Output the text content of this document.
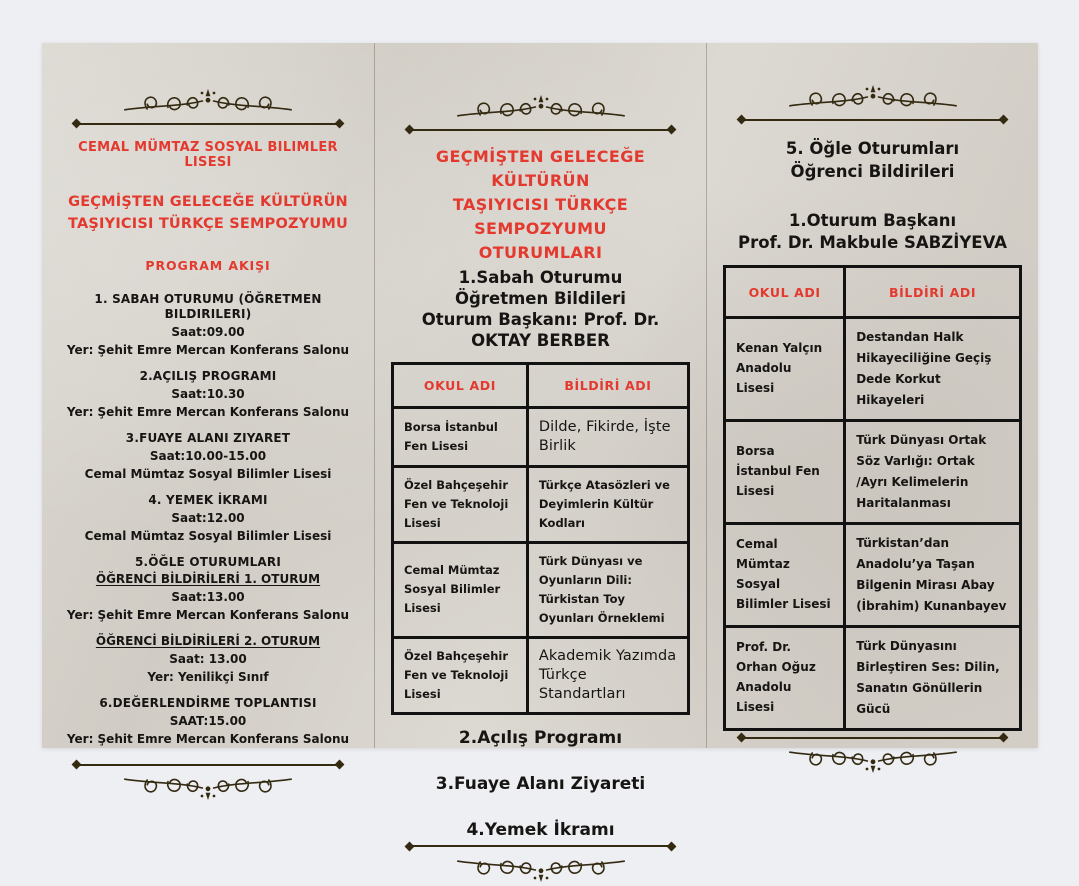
CEMAL MÜMTAZ SOSYAL BILIMLER LISESI
GEÇMİŞTEN GELECEĞE KÜLTÜRÜN
TAŞIYICISI TÜRKÇE SEMPOZYUMU
PROGRAM AKIŞI
1. SABAH OTURUMU (ÖĞRETMEN BILDIRILERI)
Saat:09.00
Yer: Şehit Emre Mercan Konferans Salonu
2.AÇILIŞ PROGRAMI
Saat:10.30
Yer: Şehit Emre Mercan Konferans Salonu
3.FUAYE ALANI ZIYARET
Saat:10.00-15.00
Cemal Mümtaz Sosyal Bilimler Lisesi
4. YEMEK İKRAMI
Saat:12.00
Cemal Mümtaz Sosyal Bilimler Lisesi
5.ÖĞLE OTURUMLARI
ÖĞRENCİ BİLDİRİLERİ 1. OTURUM
Saat:13.00
Yer: Şehit Emre Mercan Konferans Salonu
ÖĞRENCİ BİLDİRİLERİ 2. OTURUM
Saat: 13.00
Yer: Yenilikçi Sınıf
6.DEĞERLENDİRME TOPLANTISI
SAAT:15.00
Yer: Şehit Emre Mercan Konferans Salonu
GEÇMİŞTEN GELECEĞE KÜLTÜRÜN
TAŞIYICISI TÜRKÇE SEMPOZYUMU
OTURUMLARI
1.Sabah Oturumu
Öğretmen Bildileri
Oturum Başkanı: Prof. Dr. OKTAY BERBER
OKUL ADI	BİLDİRİ ADI
Borsa İstanbul Fen Lisesi
Dilde, Fikirde, İşte Birlik
Özel Bahçeşehir Fen ve Teknoloji Lisesi
Türkçe Atasözleri ve Deyimlerin Kültür Kodları
Cemal Mümtaz Sosyal Bilimler Lisesi
Türk Dünyası ve Oyunların Dili: Türkistan Toy Oyunları Örneklemi
Özel Bahçeşehir Fen ve Teknoloji Lisesi
Akademik Yazımda Türkçe Standartları
2.Açılış Programı
3.Fuaye Alanı Ziyareti
4.Yemek İkramı
5. Öğle Oturumları
Öğrenci Bildirileri
1.Oturum Başkanı
Prof. Dr. Makbule SABZİYEVA
OKUL ADI	BİLDİRİ ADI
Kenan Yalçın Anadolu Lisesi
Destandan Halk Hikayeciliğine Geçiş Dede Korkut Hikayeleri
Borsa İstanbul Fen Lisesi
Türk Dünyası Ortak Söz Varlığı: Ortak /Ayrı Kelimelerin Haritalanması
Cemal Mümtaz Sosyal Bilimler Lisesi
Türkistan’dan Anadolu’ya Taşan Bilgenin Mirası Abay (İbrahim) Kunanbayev
Prof. Dr. Orhan Oğuz Anadolu Lisesi
Türk Dünyasını Birleştiren Ses: Dilin, Sanatın Gönüllerin Gücü
